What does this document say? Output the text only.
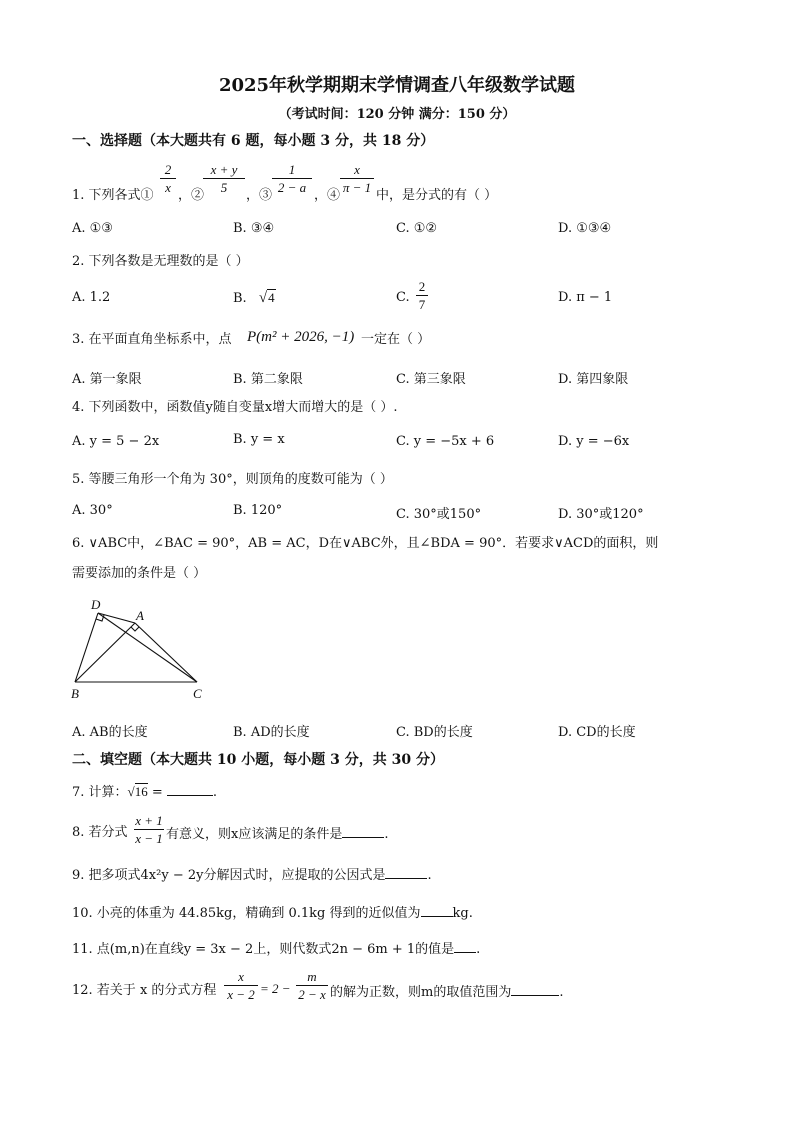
2025年秋学期期末学情调查八年级数学试题
（考试时间：120 分钟 满分：150 分）
一、选择题（本大题共有 6 题，每小题 3 分，共 18 分）
1. 下列各式①
2
x
，②
x + y
5
，③
1
2 − a
，④
x
π − 1
中，是分式的有（ ）
A. ①③	B. ③④	C. ①②	D. ①③④
2. 下列各数是无理数的是（ ）
A. 1.2	B. √4	C.
2
7	D. π − 1
3. 在平面直角坐标系中，点 P(m² + 2026, −1) 一定在（ ）
A. 第一象限	B. 第二象限	C. 第三象限	D. 第四象限
4. 下列函数中，函数值y随自变量x增大而增大的是（ ）.
A. y = 5 − 2x	B. y = x	C. y = −5x + 6	D. y = −6x
5. 等腰三角形一个角为 30°，则顶角的度数可能为（ ）
A. 30°	B. 120°	C. 30°或150°	D. 30°或120°
6. ∨ABC中，∠BAC = 90°，AB = AC，D在∨ABC外，且∠BDA = 90°．若要求∨ACD的面积，则
需要添加的条件是（ ）
D
A
B	C
A. AB的长度	B. AD的长度	C. BD的长度	D. CD的长度
二、填空题（本大题共 10 小题，每小题 3 分，共 30 分）
7. 计算：√16 =	.
8. 若分式
x + 1
x − 1 有意义，则x应该满足的条件是	.
9. 把多项式4x²y − 2y分解因式时，应提取的公因式是	.
10. 小亮的体重为 44.85kg，精确到 0.1kg 得到的近似值为 kg.
11. 点(m,n)在直线y = 3x − 2上，则代数式2n − 6m + 1的值是 .
12. 若关于 x 的分式方程
x
x − 2 = 2 −
m
2 − x 的解为正数，则m的取值范围为	.
